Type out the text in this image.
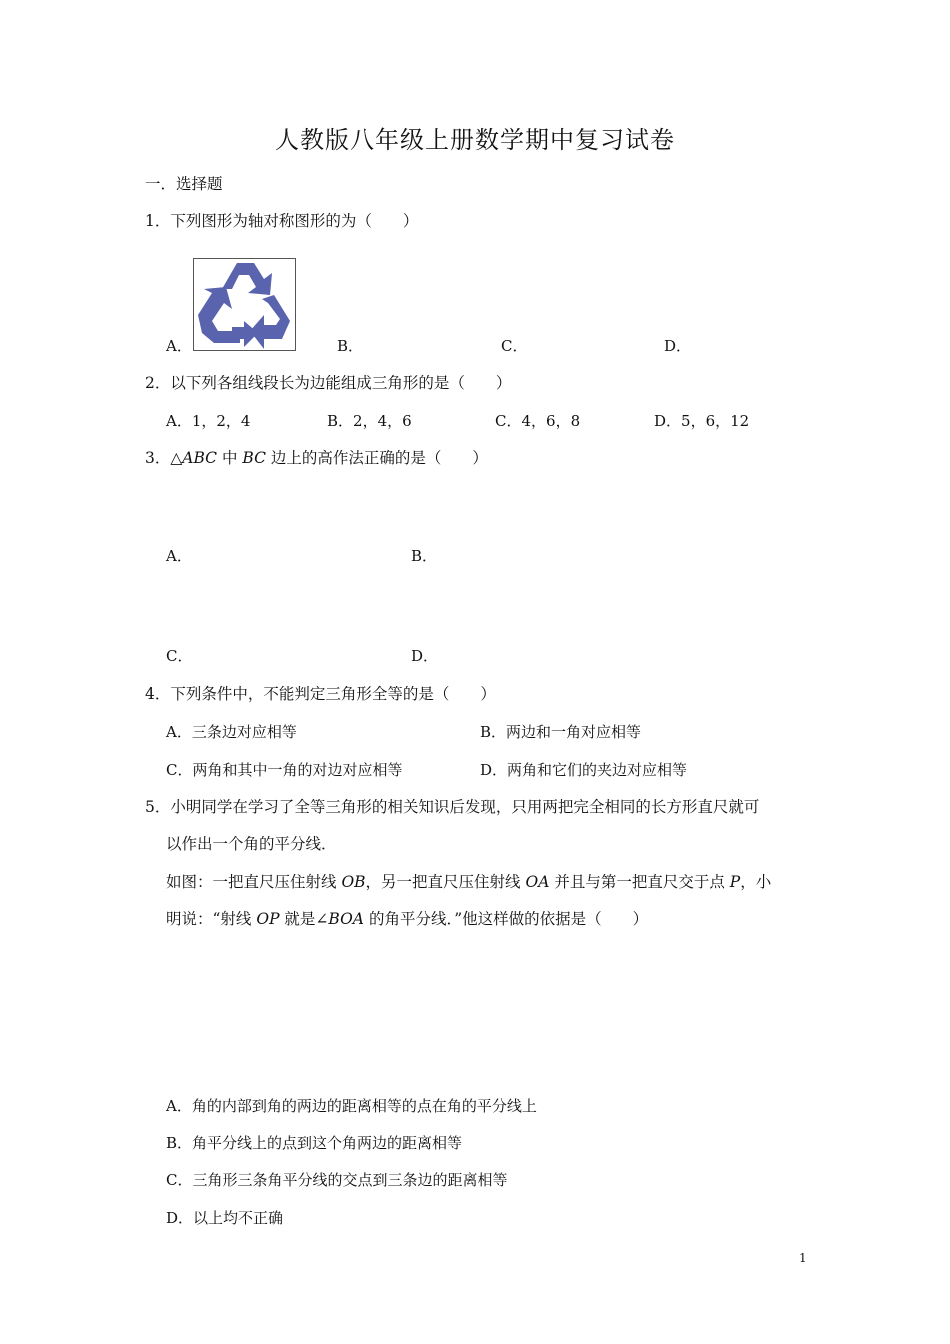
人教版八年级上册数学期中复习试卷
一．选择题
1．下列图形为轴对称图形的为（　　）
A．	B．	C．	D．
2．以下列各组线段长为边能组成三角形的是（　　）
A．1，2，4	B．2，4，6	C．4，6，8	D．5，6，12
3．△ABC 中 BC 边上的高作法正确的是（　　）
A．	B．
C．	D．
4．下列条件中，不能判定三角形全等的是（　　）
A．三条边对应相等	B．两边和一角对应相等
C．两角和其中一角的对边对应相等	D．两角和它们的夹边对应相等
5．小明同学在学习了全等三角形的相关知识后发现，只用两把完全相同的长方形直尺就可
以作出一个角的平分线．
如图：一把直尺压住射线 OB，另一把直尺压住射线 OA 并且与第一把直尺交于点 P，小
明说：“射线 OP 就是∠BOA 的角平分线．”他这样做的依据是（　　）
A．角的内部到角的两边的距离相等的点在角的平分线上
B．角平分线上的点到这个角两边的距离相等
C．三角形三条角平分线的交点到三条边的距离相等
D．以上均不正确
1
